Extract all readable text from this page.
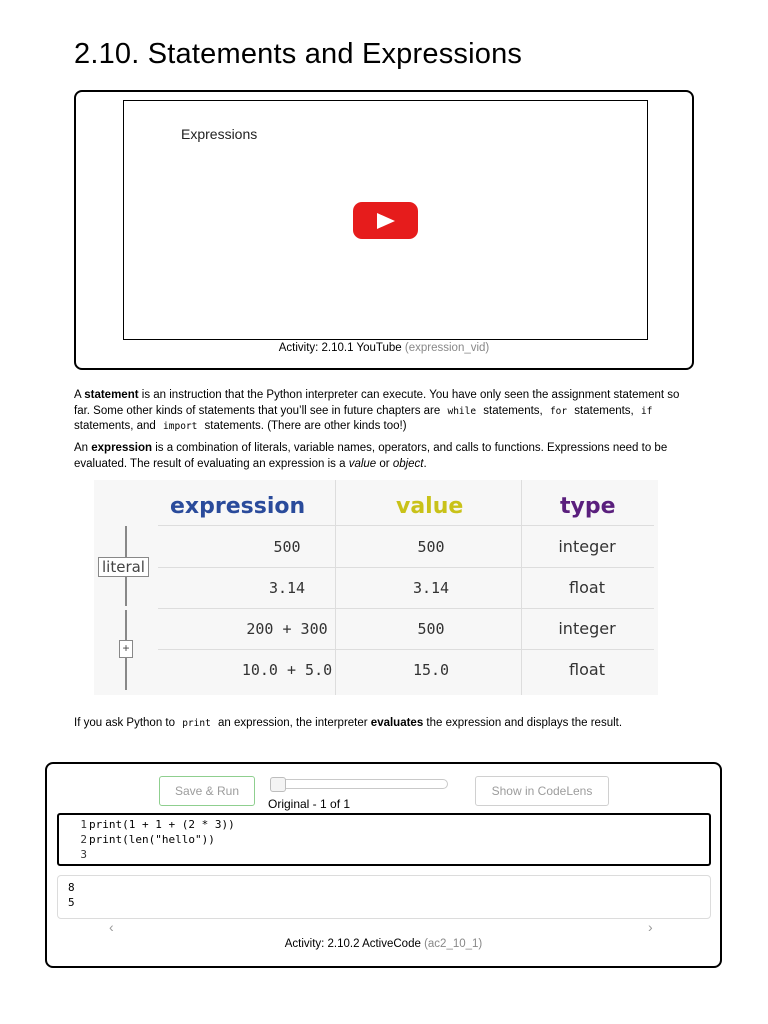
2.10. Statements and Expressions
Expressions
Activity: 2.10.1 YouTube (expression_vid)

A statement is an instruction that the Python interpreter can execute. You have only seen the assignment statement so far. Some other kinds of statements that you’ll see in future chapters are while statements, for statements, if statements, and import statements. (There are other kinds too!)

An expression is a combination of literals, variable names, operators, and calls to functions. Expressions need to be evaluated. The result of evaluating an expression is a value or object.

expression	value	type
literal
+
500	500	integer
3.14	3.14	float
200 + 300	500	integer
10.0 + 5.0	15.0	float

If you ask Python to print an expression, the interpreter evaluates the expression and displays the result.

Save & Run
Original - 1 of 1
Show in CodeLens
1 print(1 + 1 + (2 * 3))
2 print(len("hello"))
3
8
5
‹	›
Activity: 2.10.2 ActiveCode (ac2_10_1)
